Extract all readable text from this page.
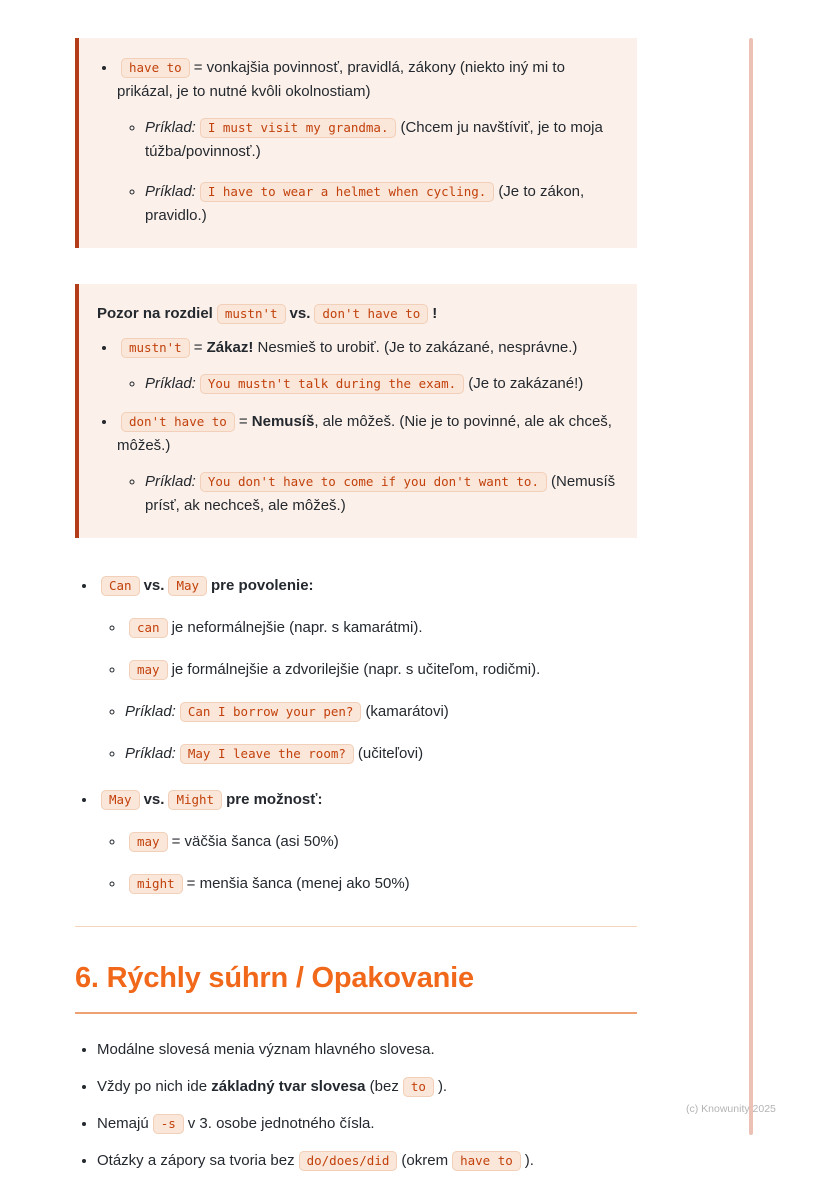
• have to = vonkajšia povinnosť, pravidlá, zákony (niekto iný mi to prikázal, je to nutné kvôli okolnostiam)
◦ Príklad: I must visit my grandma. (Chcem ju navštíviť, je to moja túžba/povinnosť.)
◦ Príklad: I have to wear a helmet when cycling. (Je to zákon, pravidlo.)

Pozor na rozdiel mustn't vs. don't have to !

• mustn't = Zákaz! Nesmieš to urobiť. (Je to zakázané, nesprávne.)
◦ Príklad: You mustn't talk during the exam. (Je to zakázané!)
• don't have to = Nemusíš, ale môžeš. (Nie je to povinné, ale ak chceš, môžeš.)
◦ Príklad: You don't have to come if you don't want to. (Nemusíš prísť, ak nechceš, ale môžeš.)
• Can vs. May pre povolenie:
◦ can je neformálnejšie (napr. s kamarátmi).
◦ may je formálnejšie a zdvorilejšie (napr. s učiteľom, rodičmi).
◦ Príklad: Can I borrow your pen? (kamarátovi)
◦ Príklad: May I leave the room? (učiteľovi)
• May vs. Might pre možnosť:
◦ may = väčšia šanca (asi 50%)
◦ might = menšia šanca (menej ako 50%)
6. Rýchly súhrn / Opakovanie
• Modálne slovesá menia význam hlavného slovesa.
• Vždy po nich ide základný tvar slovesa (bez to ).
• Nemajú -s v 3. osobe jednotného čísla.
• Otázky a zápory sa tvoria bez do/does/did (okrem have to ).
(c) Knowunity 2025
